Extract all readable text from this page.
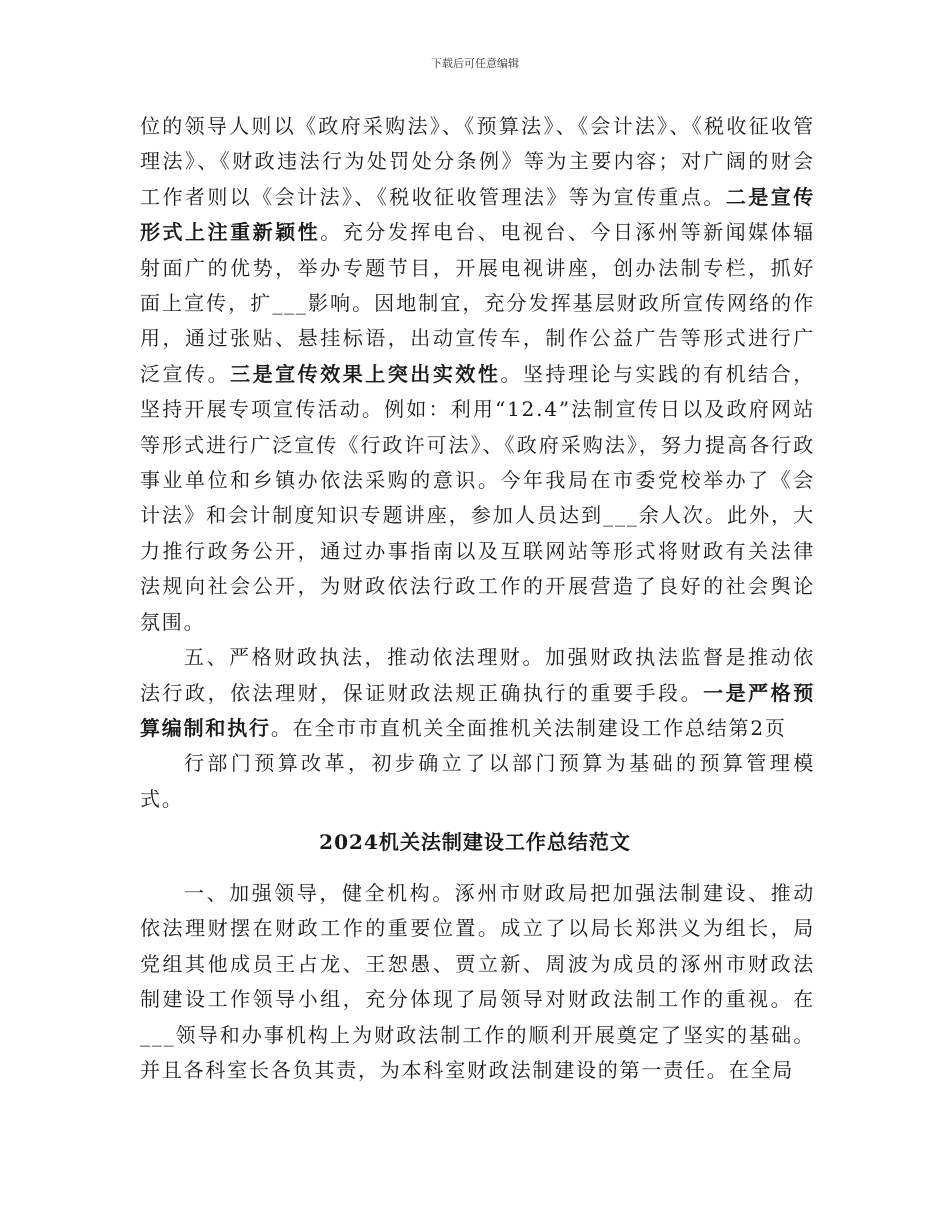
下载后可任意编辑

位的领导人则以《政府采购法》、《预算法》、《会计法》、《税收征收管理法》、《财政违法行为处罚处分条例》等为主要内容；对广阔的财会工作者则以《会计法》、《税收征收管理法》等为宣传重点。二是宣传形式上注重新颖性。充分发挥电台、电视台、今日涿州等新闻媒体辐射面广的优势，举办专题节目，开展电视讲座，创办法制专栏，抓好面上宣传，扩___影响。因地制宜，充分发挥基层财政所宣传网络的作用，通过张贴、悬挂标语，出动宣传车，制作公益广告等形式进行广泛宣传。三是宣传效果上突出实效性。坚持理论与实践的有机结合，坚持开展专项宣传活动。例如：利用“12.4”法制宣传日以及政府网站等形式进行广泛宣传《行政许可法》、《政府采购法》，努力提高各行政事业单位和乡镇办依法采购的意识。今年我局在市委党校举办了《会计法》和会计制度知识专题讲座，参加人员达到___余人次。此外，大力推行政务公开，通过办事指南以及互联网站等形式将财政有关法律法规向社会公开，为财政依法行政工作的开展营造了良好的社会舆论氛围。

五、严格财政执法，推动依法理财。加强财政执法监督是推动依法行政，依法理财，保证财政法规正确执行的重要手段。一是严格预算编制和执行。在全市市直机关全面推机关法制建设工作总结第2页

行部门预算改革，初步确立了以部门预算为基础的预算管理模式。

2024机关法制建设工作总结范文

一、加强领导，健全机构。涿州市财政局把加强法制建设、推动依法理财摆在财政工作的重要位置。成立了以局长郑洪义为组长，局党组其他成员王占龙、王恕愚、贾立新、周波为成员的涿州市财政法制建设工作领导小组，充分体现了局领导对财政法制工作的重视。在___领导和办事机构上为财政法制工作的顺利开展奠定了坚实的基础。并且各科室长各负其责，为本科室财政法制建设的第一责任。在全局
